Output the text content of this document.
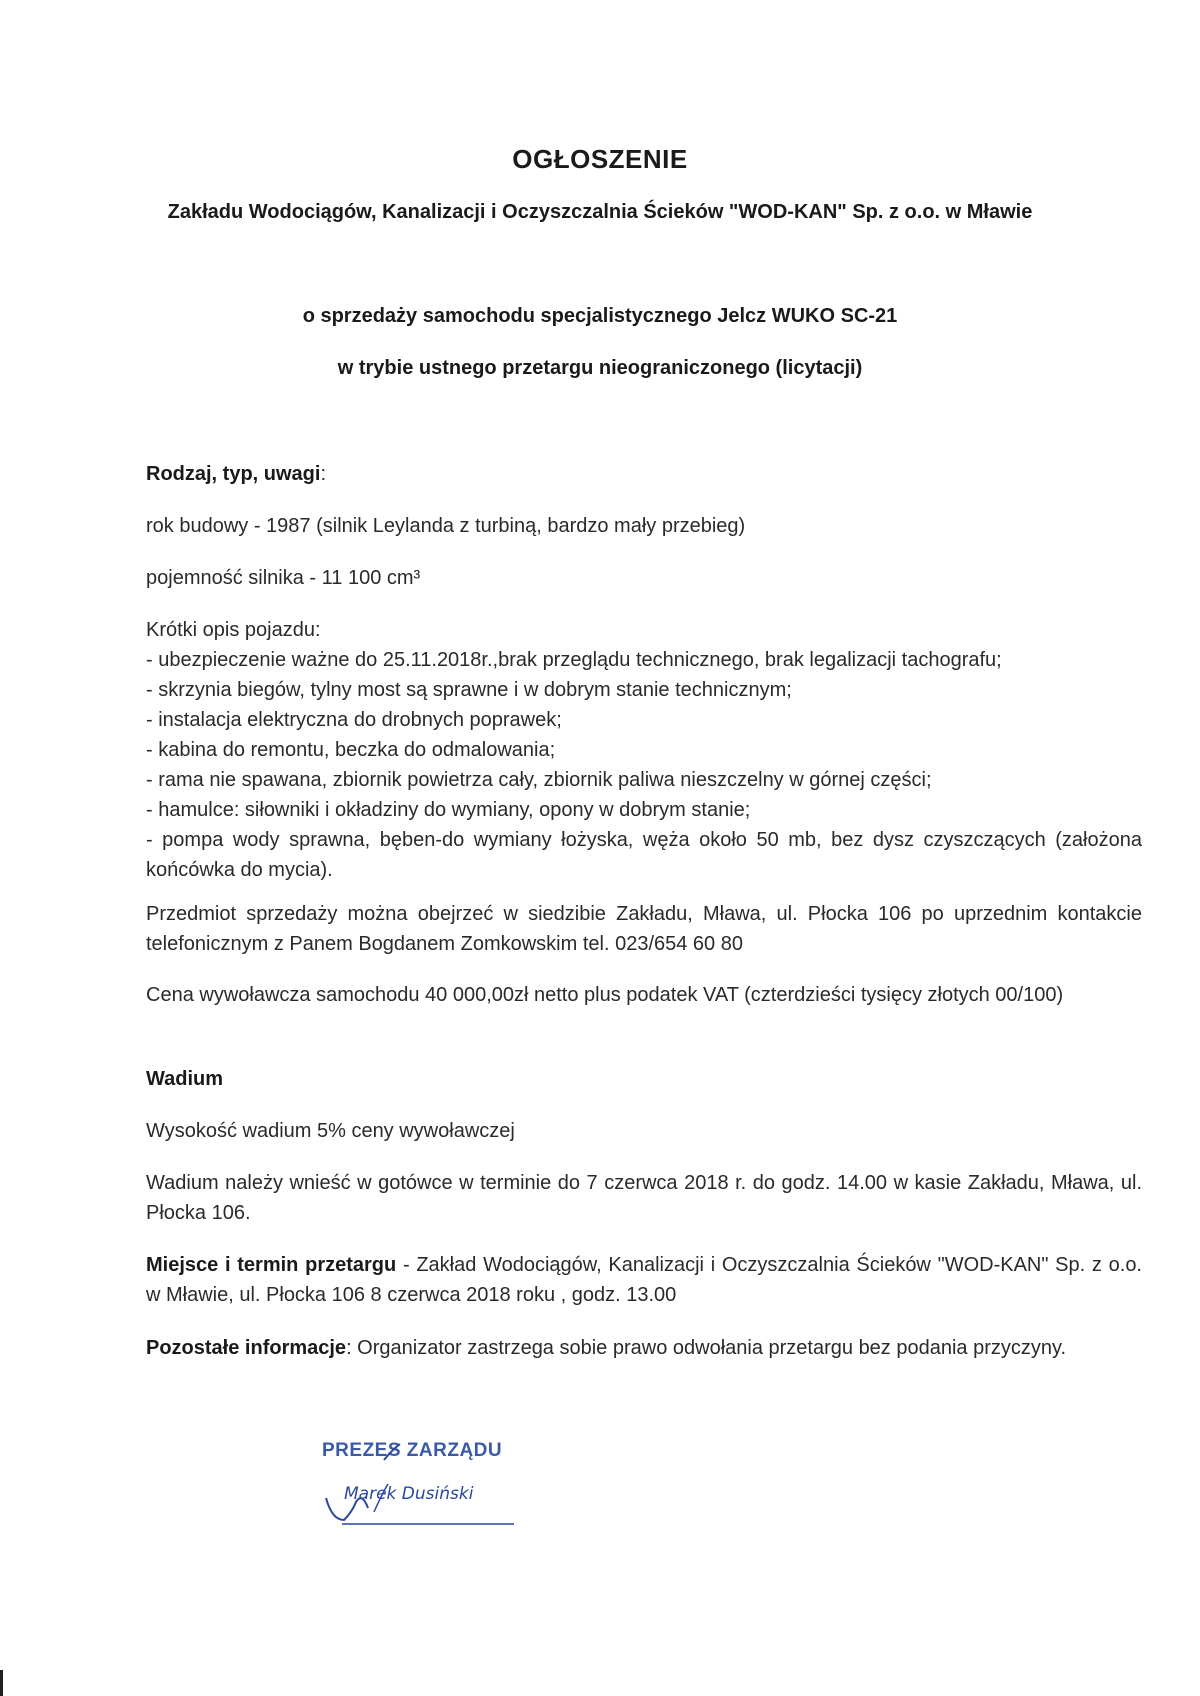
OGŁOSZENIE
Zakładu Wodociągów, Kanalizacji i Oczyszczalnia Ścieków "WOD-KAN" Sp. z o.o. w Mławie
o sprzedaży samochodu specjalistycznego Jelcz WUKO SC-21
w trybie ustnego przetargu nieograniczonego (licytacji)
Rodzaj, typ, uwagi:
rok budowy - 1987 (silnik Leylanda z turbiną, bardzo mały przebieg)
pojemność silnika - 11 100 cm³
Krótki opis pojazdu:
- ubezpieczenie ważne do 25.11.2018r.,brak przeglądu technicznego, brak legalizacji tachografu;
- skrzynia biegów, tylny most są sprawne i w dobrym stanie technicznym;
- instalacja elektryczna do drobnych poprawek;
- kabina do remontu, beczka do odmalowania;
- rama nie spawana, zbiornik powietrza cały, zbiornik paliwa nieszczelny w górnej części;
- hamulce: siłowniki i okładziny do wymiany, opony w dobrym stanie;
- pompa wody sprawna, bęben-do wymiany łożyska, węża około 50 mb, bez dysz czyszczących (założona końcówka do mycia).
Przedmiot sprzedaży można obejrzeć w siedzibie Zakładu, Mława, ul. Płocka 106 po uprzednim kontakcie telefonicznym z Panem Bogdanem Zomkowskim tel. 023/654 60 80
Cena wywoławcza samochodu 40 000,00zł netto plus podatek VAT (czterdzieści tysięcy złotych 00/100)
Wadium
Wysokość wadium 5% ceny wywoławczej
Wadium należy wnieść w gotówce w terminie do 7 czerwca 2018 r. do godz. 14.00 w kasie Zakładu, Mława, ul. Płocka 106.
Miejsce i termin przetargu - Zakład Wodociągów, Kanalizacji i Oczyszczalnia Ścieków "WOD-KAN" Sp. z o.o. w Mławie, ul. Płocka 106 8 czerwca 2018 roku , godz. 13.00
Pozostałe informacje: Organizator zastrzega sobie prawo odwołania przetargu bez podania przyczyny.
PREZES ZARZĄDU
Marek Dusiński
